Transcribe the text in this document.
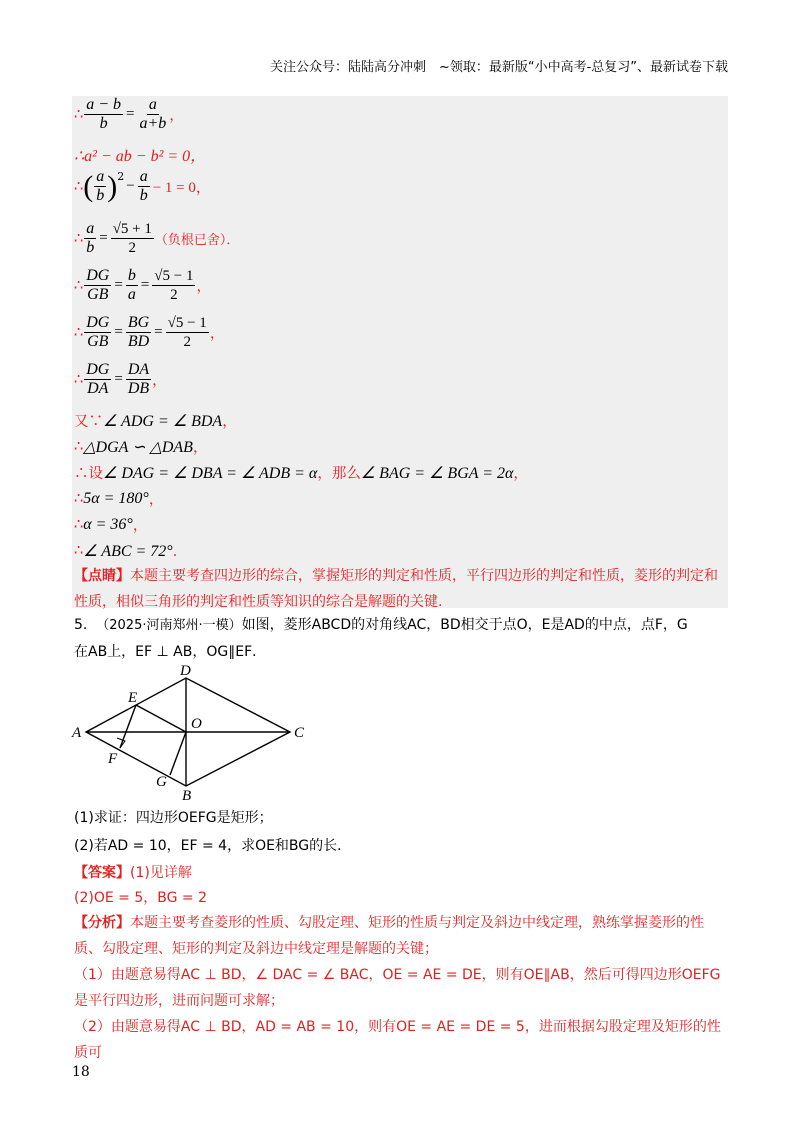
关注公众号：陆陆高分冲刺　~领取：最新版“小中高考-总复习”、最新试卷下载
∴ $\frac{a - b}{b} = \frac{a}{a+b}$ ，
∴a² − ab − b² = 0，
∴ ( $\frac{a}{b} )^2$
− $\frac{a}{b} - 1 = 0$，
∴ $\frac{a}{b} = \frac{√5 + 1}{2}$ （负根已舍）．
∴ $\frac{DG}{GB} = \frac{b}{a} = \frac{√5 - 1}{2}$ ，
∴ $\frac{DG}{GB} = \frac{BG}{BD} = \frac{√5 - 1}{2}$ ，
∴ $\frac{DG}{DA} = \frac{DA}{DB}$ ，
又∵ ∠ ADG = ∠ BDA ，
∴ △DGA ∽ △DAB ，
∴设 ∠ DAG = ∠ DBA = ∠ ADB = α ，那么 ∠ BAG = ∠ BGA = 2α ，
∴ 5α = 180° ，
∴ α = 36° ，
∴ ∠ ABC = 72° ．
【点睛】本题主要考查四边形的综合，掌握矩形的判定和性质，平行四边形的判定和性质，菱形的判定和性质，相似三角形的判定和性质等知识的综合是解题的关键.
5. （2025·河南郑州·一模）如图，菱形ABCD的对角线AC，BD相交于点O，E是AD的中点，点F，G
在AB上，EF ⊥ AB，OG∥EF．
A
D
C
B
E
F
G
O
(1)求证：四边形OEFG是矩形；
(2)若AD = 10，EF = 4，求OE和BG的长．
【答案】(1)见详解
(2)OE = 5，BG = 2
【分析】本题主要考查菱形的性质、勾股定理、矩形的性质与判定及斜边中线定理，熟练掌握菱形的性质、勾股定理、矩形的判定及斜边中线定理是解题的关键；
（1）由题意易得AC ⊥ BD，∠ DAC = ∠ BAC，OE = AE = DE，则有OE∥AB，然后可得四边形OEFG是平行四边形，进而问题可求解；
（2）由题意易得AC ⊥ BD，AD = AB = 10，则有OE = AE = DE = 5，进而根据勾股定理及矩形的性质可
18
